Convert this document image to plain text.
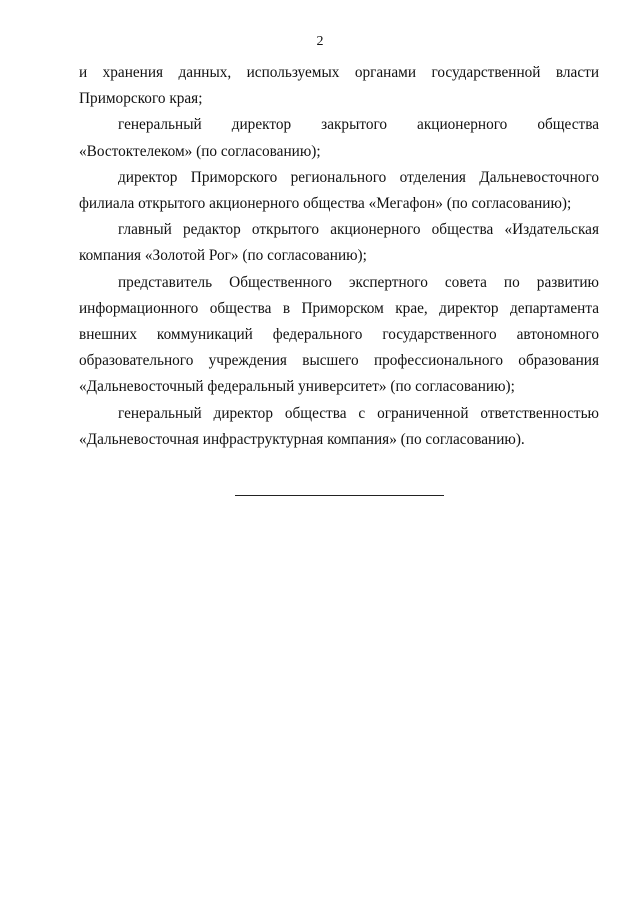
2

и хранения данных, используемых органами государственной власти Приморского края;

генеральный директор закрытого акционерного общества «Востоктелеком» (по согласованию);

директор Приморского регионального отделения Дальневосточного филиала открытого акционерного общества «Мегафон» (по согласованию);

главный редактор открытого акционерного общества «Издательская компания «Золотой Рог» (по согласованию);

представитель Общественного экспертного совета по развитию информационного общества в Приморском крае, директор департамента внешних коммуникаций федерального государственного автономного образовательного учреждения высшего профессионального образования «Дальневосточный федеральный университет» (по согласованию);

генеральный директор общества с ограниченной ответственностью «Дальневосточная инфраструктурная компания» (по согласованию).
